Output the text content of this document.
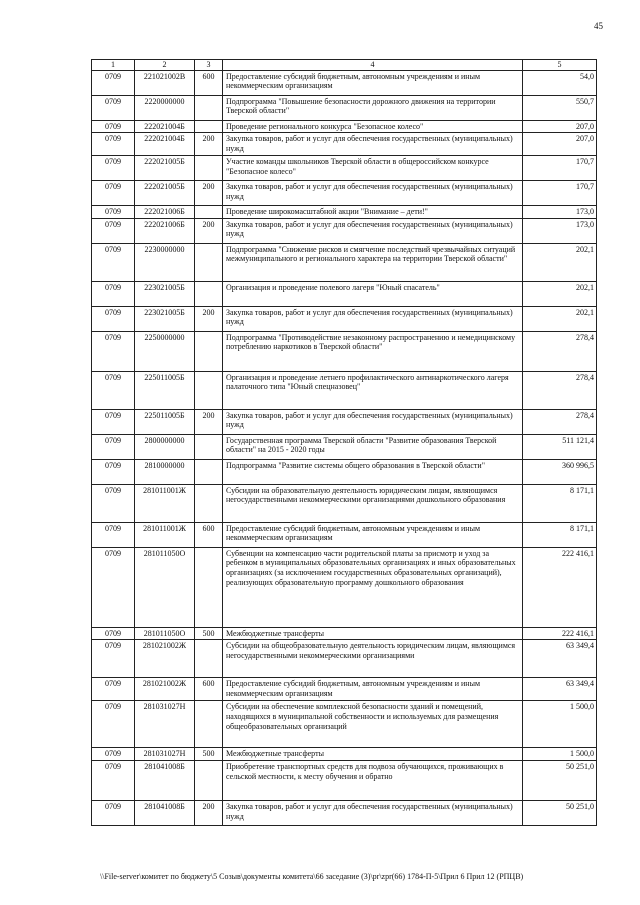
45
1	2	3	4	5
0709	221021002В	600	Предоставление субсидий бюджетным, автономным учреждениям и иным некоммерческим организациям	54,0
0709	2220000000		Подпрограмма "Повышение безопасности дорожного движения на территории Тверской области"	550,7
0709	222021004Б		Проведение регионального конкурса "Безопасное колесо"	207,0
0709	222021004Б	200	Закупка товаров, работ и услуг для обеспечения государственных (муниципальных) нужд	207,0
0709	222021005Б		Участие команды школьников Тверской области в общероссийском конкурсе "Безопасное колесо"	170,7
0709	222021005Б	200	Закупка товаров, работ и услуг для обеспечения государственных (муниципальных) нужд	170,7
0709	222021006Б		Проведение широкомасштабной акции "Внимание – дети!"	173,0
0709	222021006Б	200	Закупка товаров, работ и услуг для обеспечения государственных (муниципальных) нужд	173,0
0709	2230000000		Подпрограмма "Снижение рисков и смягчение последствий чрезвычайных ситуаций межмуниципального и регионального характера на территории Тверской области"	202,1
0709	223021005Б		Организация и проведение полевого лагеря "Юный спасатель"	202,1
0709	223021005Б	200	Закупка товаров, работ и услуг для обеспечения государственных (муниципальных) нужд	202,1
0709	2250000000		Подпрограмма "Противодействие незаконному распространению и немедицинскому потреблению наркотиков в Тверской области"	278,4
0709	225011005Б		Организация и проведение летнего профилактического антинаркотического лагеря палаточного типа "Юный спецназовец"	278,4
0709	225011005Б	200	Закупка товаров, работ и услуг для обеспечения государственных (муниципальных) нужд	278,4
0709	2800000000		Государственная программа Тверской области "Развитие образования Тверской области" на 2015 - 2020 годы	511 121,4
0709	2810000000		Подпрограмма "Развитие системы общего образования в Тверской области"	360 996,5
0709	281011001Ж		Субсидии на образовательную деятельность юридическим лицам, являющимся негосударственными некоммерческими организациями дошкольного образования	8 171,1
0709	281011001Ж	600	Предоставление субсидий бюджетным, автономным учреждениям и иным некоммерческим организациям	8 171,1
0709	281011050О		Субвенции на компенсацию части родительской платы за присмотр и уход за ребенком в муниципальных образовательных организациях и иных образовательных организациях (за исключением государственных образовательных организаций), реализующих образовательную программу дошкольного образования	222 416,1
0709	281011050О	500	Межбюджетные трансферты	222 416,1
0709	281021002Ж		Субсидии на общеобразовательную деятельность юридическим лицам, являющимся негосударственными некоммерческими организациями	63 349,4
0709	281021002Ж	600	Предоставление субсидий бюджетным, автономным учреждениям и иным некоммерческим организациям	63 349,4
0709	281031027Н		Субсидии на обеспечение комплексной безопасности зданий и помещений, находящихся в муниципальной собственности и используемых для размещения общеобразовательных организаций	1 500,0
0709	281031027Н	500	Межбюджетные трансферты	1 500,0
0709	281041008Б		Приобретение транспортных средств для подвоза обучающихся, проживающих в сельской местности, к месту обучения и обратно	50 251,0
0709	281041008Б	200	Закупка товаров, работ и услуг для обеспечения государственных (муниципальных) нужд	50 251,0
\\File-server\комитет по бюджету\5 Созыв\документы комитета\66 заседание (3)\pr\zpr(66) 1784-П-5\Прил 6 Прил 12 (РПЦВ)
